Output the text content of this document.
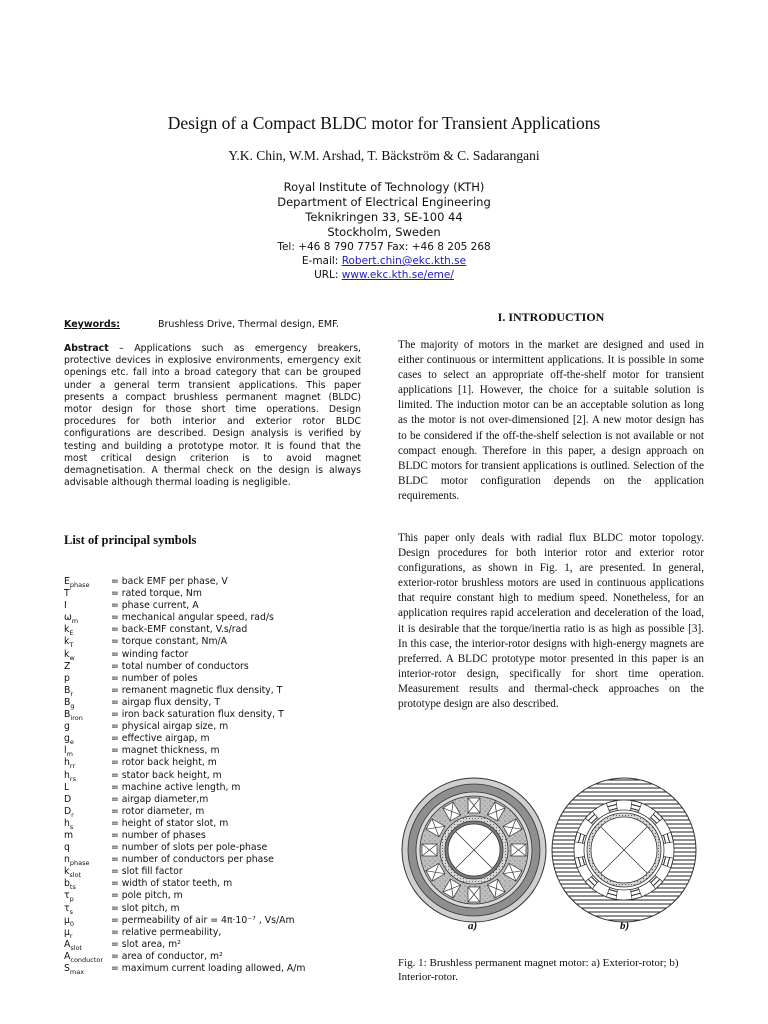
Design of a Compact BLDC motor for Transient Applications

Y.K. Chin, W.M. Arshad, T. Bäckström & C. Sadarangani

Royal Institute of Technology (KTH)
Department of Electrical Engineering
Teknikringen 33, SE-100 44
Stockholm, Sweden
Tel: +46 8 790 7757 Fax: +46 8 205 268
E-mail: Robert.chin@ekc.kth.se
URL: www.ekc.kth.se/eme/
Keywords:	Brushless Drive, Thermal design, EMF.
Abstract – Applications such as emergency breakers, protective devices in explosive environments, emergency exit openings etc. fall into a broad category that can be grouped under a general term transient applications. This paper presents a compact brushless permanent magnet (BLDC) motor design for those short time operations. Design procedures for both interior and exterior rotor BLDC configurations are described. Design analysis is verified by testing and building a prototype motor. It is found that the most critical design criterion is to avoid magnet demagnetisation. A thermal check on the design is always advisable although thermal loading is negligible.
List of principal symbols
$E_{phase}$	= back EMF per phase, V
T	= rated torque, Nm
I	= phase current, A
$\omega_m$	= mechanical angular speed, rad/s
$k_E$	= back-EMF constant, V.s/rad
$k_T$	= torque constant, Nm/A
$k_w$	= winding factor
Z	= total number of conductors
p	= number of poles
$B_r$	= remanent magnetic flux density, T
$B_g$	= airgap flux density, T
$B_{iron}$	= iron back saturation flux density, T
g	= physical airgap size, m
$g_e$	= effective airgap, m
$l_m$	= magnet thickness, m
$h_{rr}$	= rotor back height, m
$h_{rs}$	= stator back height, m
L	= machine active length, m
D	= airgap diameter,m
$D_r$	= rotor diameter, m
$h_s$	= height of stator slot, m
m	= number of phases
q	= number of slots per pole-phase
$n_{phase}$	= number of conductors per phase
$k_{slot}$	= slot fill factor
$b_{ts}$	= width of stator teeth, m
$\tau_p$	= pole pitch, m
$\tau_s$	= slot pitch, m
$\mu_0$	= permeability of air = 4π·10⁻⁷ , Vs/Am
$\mu_r$	= relative permeability,
$A_{slot}$	= slot area, m²
$A_{conductor}$ = area of conductor, m²
$S_{max}$	= maximum current loading allowed, A/m
I. INTRODUCTION

The majority of motors in the market are designed and used in either continuous or intermittent applications. It is possible in some cases to select an appropriate off-the-shelf motor for transient applications [1]. However, the choice for a suitable solution is limited. The induction motor can be an acceptable solution as long as the motor is not over-dimensioned [2]. A new motor design has to be considered if the off-the-shelf selection is not available or not compact enough. Therefore in this paper, a design approach on BLDC motors for transient applications is outlined. Selection of the BLDC motor configuration depends on the application requirements.

This paper only deals with radial flux BLDC motor topology. Design procedures for both interior rotor and exterior rotor configurations, as shown in Fig. 1, are presented. In general, exterior-rotor brushless motors are used in continuous applications that require constant high to medium speed. Nonetheless, for an application requires rapid acceleration and deceleration of the load, it is desirable that the torque/inertia ratio is as high as possible [3]. In this case, the interior-rotor designs with high-energy magnets are preferred. A BLDC prototype motor presented in this paper is an interior-rotor design, specifically for short time operation. Measurement results and thermal-check approaches on the prototype design are also described.

a)	b)
Fig. 1: Brushless permanent magnet motor: a) Exterior-rotor; b) Interior-rotor.
